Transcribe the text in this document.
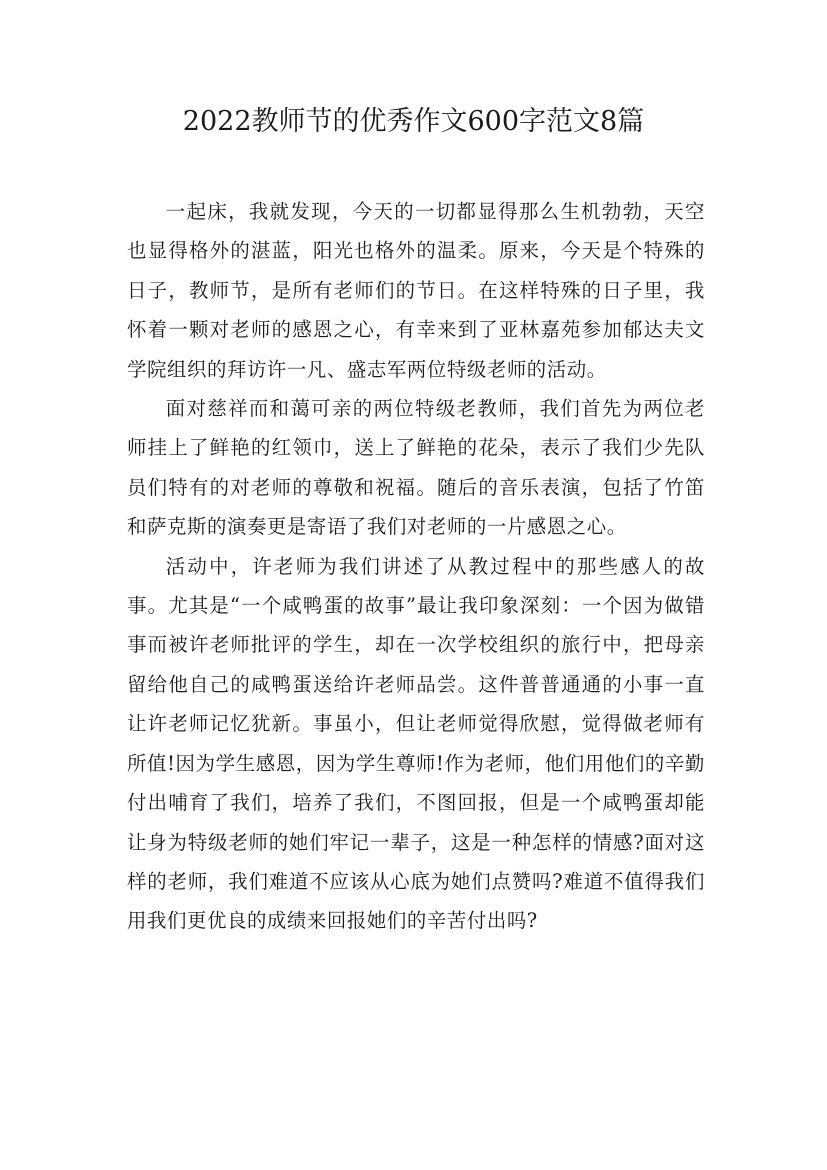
2022教师节的优秀作文600字范文8篇

一起床，我就发现，今天的一切都显得那么生机勃勃，天空也显得格外的湛蓝，阳光也格外的温柔。原来，今天是个特殊的日子，教师节，是所有老师们的节日。在这样特殊的日子里，我怀着一颗对老师的感恩之心，有幸来到了亚林嘉苑参加郁达夫文学院组织的拜访许一凡、盛志军两位特级老师的活动。

面对慈祥而和蔼可亲的两位特级老教师，我们首先为两位老师挂上了鲜艳的红领巾，送上了鲜艳的花朵，表示了我们少先队员们特有的对老师的尊敬和祝福。随后的音乐表演，包括了竹笛和萨克斯的演奏更是寄语了我们对老师的一片感恩之心。

活动中，许老师为我们讲述了从教过程中的那些感人的故事。尤其是“一个咸鸭蛋的故事”最让我印象深刻：一个因为做错事而被许老师批评的学生，却在一次学校组织的旅行中，把母亲留给他自己的咸鸭蛋送给许老师品尝。这件普普通通的小事一直让许老师记忆犹新。事虽小，但让老师觉得欣慰，觉得做老师有所值!因为学生感恩，因为学生尊师!作为老师，他们用他们的辛勤付出哺育了我们，培养了我们，不图回报，但是一个咸鸭蛋却能让身为特级老师的她们牢记一辈子，这是一种怎样的情感?面对这样的老师，我们难道不应该从心底为她们点赞吗?难道不值得我们用我们更优良的成绩来回报她们的辛苦付出吗?
